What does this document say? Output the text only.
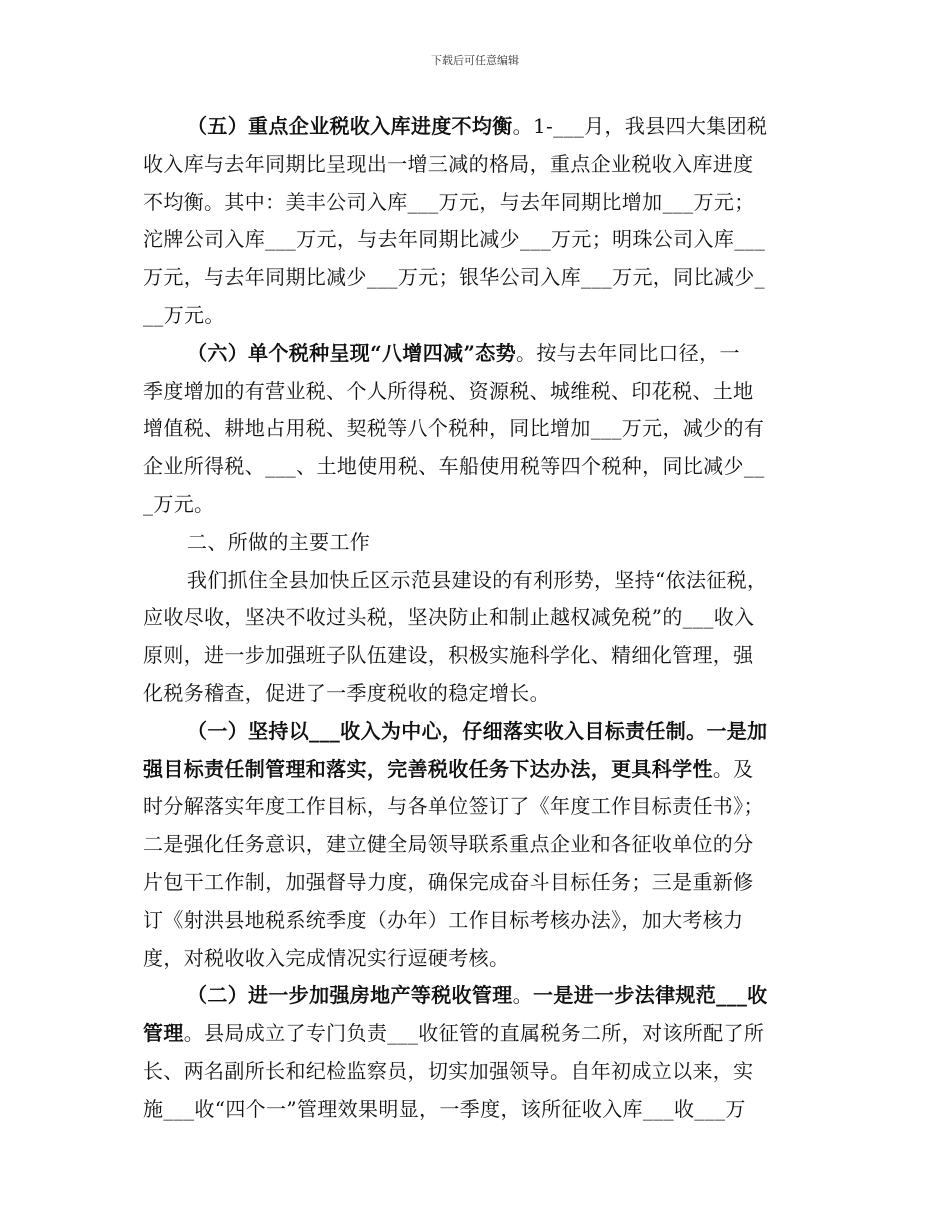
下载后可任意编辑
（五）重点企业税收入库进度不均衡。1-___月，我县四大集团税
收入库与去年同期比呈现出一增三减的格局，重点企业税收入库进度
不均衡。其中：美丰公司入库___万元，与去年同期比增加___万元；
沱牌公司入库___万元，与去年同期比减少___万元；明珠公司入库___
万元，与去年同期比减少___万元；银华公司入库___万元，同比减少_
__万元。
（六）单个税种呈现“八增四减”态势。按与去年同比口径，一
季度增加的有营业税、个人所得税、资源税、城维税、印花税、土地
增值税、耕地占用税、契税等八个税种，同比增加___万元，减少的有
企业所得税、___、土地使用税、车船使用税等四个税种，同比减少__
_万元。
二、所做的主要工作
我们抓住全县加快丘区示范县建设的有利形势，坚持“依法征税，
应收尽收，坚决不收过头税，坚决防止和制止越权减免税”的___收入
原则，进一步加强班子队伍建设，积极实施科学化、精细化管理，强
化税务稽查，促进了一季度税收的稳定增长。
（一）坚持以___收入为中心，仔细落实收入目标责任制。一是加
强目标责任制管理和落实，完善税收任务下达办法，更具科学性。及
时分解落实年度工作目标，与各单位签订了《年度工作目标责任书》；
二是强化任务意识，建立健全局领导联系重点企业和各征收单位的分
片包干工作制，加强督导力度，确保完成奋斗目标任务；三是重新修
订《射洪县地税系统季度（办年）工作目标考核办法》，加大考核力
度，对税收收入完成情况实行逗硬考核。
（二）进一步加强房地产等税收管理。一是进一步法律规范___收
管理。县局成立了专门负责___收征管的直属税务二所，对该所配了所
长、两名副所长和纪检监察员，切实加强领导。自年初成立以来，实
施___收“四个一”管理效果明显，一季度，该所征收入库___收___万
